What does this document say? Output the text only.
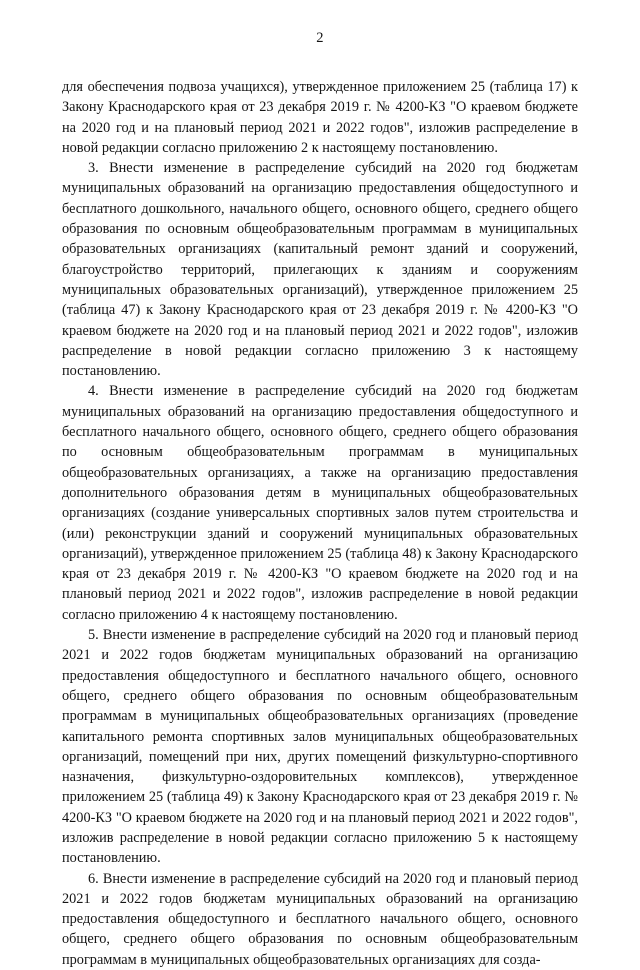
2

для обеспечения подвоза учащихся), утвержденное приложением 25 (таблица 17) к Закону Краснодарского края от 23 декабря 2019 г. № 4200-КЗ "О краевом бюджете на 2020 год и на плановый период 2021 и 2022 годов", изложив распределение в новой редакции согласно приложению 2 к настоящему постановлению.

3. Внести изменение в распределение субсидий на 2020 год бюджетам муниципальных образований на организацию предоставления общедоступного и бесплатного дошкольного, начального общего, основного общего, среднего общего образования по основным общеобразовательным программам в муниципальных образовательных организациях (капитальный ремонт зданий и сооружений, благоустройство территорий, прилегающих к зданиям и сооружениям муниципальных образовательных организаций), утвержденное приложением 25 (таблица 47) к Закону Краснодарского края от 23 декабря 2019 г. № 4200-КЗ "О краевом бюджете на 2020 год и на плановый период 2021 и 2022 годов", изложив распределение в новой редакции согласно приложению 3 к настоящему постановлению.

4. Внести изменение в распределение субсидий на 2020 год бюджетам муниципальных образований на организацию предоставления общедоступного и бесплатного начального общего, основного общего, среднего общего образования по основным общеобразовательным программам в муниципальных общеобразовательных организациях, а также на организацию предоставления дополнительного образования детям в муниципальных общеобразовательных организациях (создание универсальных спортивных залов путем строительства и (или) реконструкции зданий и сооружений муниципальных образовательных организаций), утвержденное приложением 25 (таблица 48) к Закону Краснодарского края от 23 декабря 2019 г. № 4200-КЗ "О краевом бюджете на 2020 год и на плановый период 2021 и 2022 годов", изложив распределение в новой редакции согласно приложению 4 к настоящему постановлению.

5. Внести изменение в распределение субсидий на 2020 год и плановый период 2021 и 2022 годов бюджетам муниципальных образований на организацию предоставления общедоступного и бесплатного начального общего, основного общего, среднего общего образования по основным общеобразовательным программам в муниципальных общеобразовательных организациях (проведение капитального ремонта спортивных залов муниципальных общеобразовательных организаций, помещений при них, других помещений физкультурно-спортивного назначения, физкультурно-оздоровительных комплексов), утвержденное приложением 25 (таблица 49) к Закону Краснодарского края от 23 декабря 2019 г. № 4200-КЗ "О краевом бюджете на 2020 год и на плановый период 2021 и 2022 годов", изложив распределение в новой редакции согласно приложению 5 к настоящему постановлению.

6. Внести изменение в распределение субсидий на 2020 год и плановый период 2021 и 2022 годов бюджетам муниципальных образований на организацию предоставления общедоступного и бесплатного начального общего, основного общего, среднего общего образования по основным общеобразовательным программам в муниципальных общеобразовательных организациях для созда-
